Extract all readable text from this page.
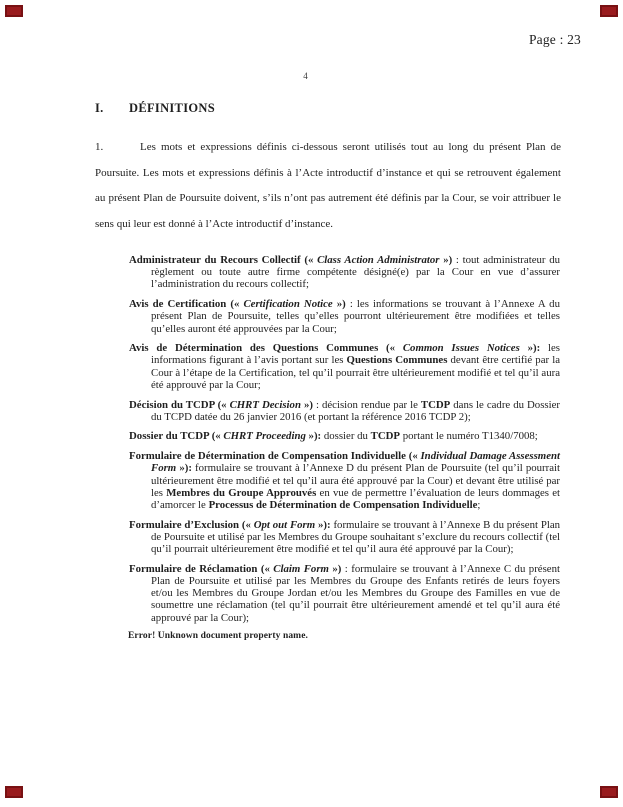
Page : 23
4
I. DÉFINITIONS

1.	Les mots et expressions définis ci-dessous seront utilisés tout au long du présent Plan de Poursuite. Les mots et expressions définis à l’Acte introductif d’instance et qui se retrouvent également au présent Plan de Poursuite doivent, s’ils n’ont pas autrement été définis par la Cour, se voir attribuer le sens qui leur est donné à l’Acte introductif d’instance.

Administrateur du Recours Collectif (« Class Action Administrator ») : tout administrateur du règlement ou toute autre firme compétente désigné(e) par la Cour en vue d’assurer l’administration du recours collectif;

Avis de Certification (« Certification Notice ») : les informations se trouvant à l’Annexe A du présent Plan de Poursuite, telles qu’elles pourront ultérieurement être modifiées et telles qu’elles auront été approuvées par la Cour;

Avis de Détermination des Questions Communes (« Common Issues Notices »): les informations figurant à l’avis portant sur les Questions Communes devant être certifié par la Cour à l’étape de la Certification, tel qu’il pourrait être ultérieurement modifié et tel qu’il aura été approuvé par la Cour;

Décision du TCDP (« CHRT Decision ») : décision rendue par le TCDP dans le cadre du Dossier du TCPD datée du 26 janvier 2016 (et portant la référence 2016 TCDP 2);

Dossier du TCDP (« CHRT Proceeding »): dossier du TCDP portant le numéro T1340/7008;

Formulaire de Détermination de Compensation Individuelle (« Individual Damage Assessment Form »): formulaire se trouvant à l’Annexe D du présent Plan de Poursuite (tel qu’il pourrait ultérieurement être modifié et tel qu’il aura été approuvé par la Cour) et devant être utilisé par les Membres du Groupe Approuvés en vue de permettre l’évaluation de leurs dommages et d’amorcer le Processus de Détermination de Compensation Individuelle;

Formulaire d’Exclusion (« Opt out Form »): formulaire se trouvant à l’Annexe B du présent Plan de Poursuite et utilisé par les Membres du Groupe souhaitant s’exclure du recours collectif (tel qu’il pourrait ultérieurement être modifié et tel qu’il aura été approuvé par la Cour);

Formulaire de Réclamation (« Claim Form ») : formulaire se trouvant à l’Annexe C du présent Plan de Poursuite et utilisé par les Membres du Groupe des Enfants retirés de leurs foyers et/ou les Membres du Groupe Jordan et/ou les Membres du Groupe des Familles en vue de soumettre une réclamation (tel qu’il pourrait être ultérieurement amendé et tel qu’il aura été approuvé par la Cour);

Error! Unknown document property name.
